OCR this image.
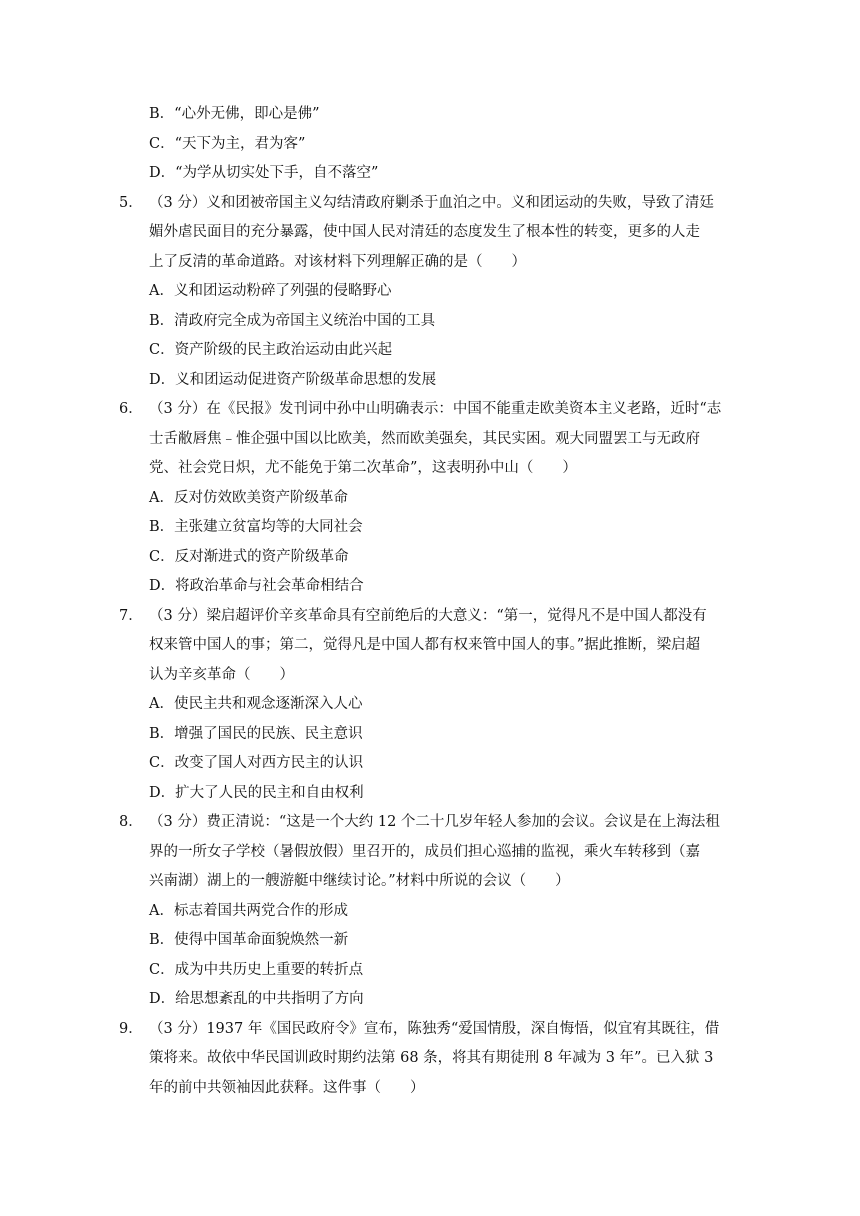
B．“心外无佛，即心是佛”
C．“天下为主，君为客”
D．“为学从切实处下手，自不落空”
5． （3 分）义和团被帝国主义勾结清政府剿杀于血泊之中。义和团运动的失败，导致了清廷
媚外虐民面目的充分暴露，使中国人民对清廷的态度发生了根本性的转变，更多的人走
上了反清的革命道路。对该材料下列理解正确的是（　　）
A．义和团运动粉碎了列强的侵略野心
B．清政府完全成为帝国主义统治中国的工具
C．资产阶级的民主政治运动由此兴起
D．义和团运动促进资产阶级革命思想的发展
6． （3 分）在《民报》发刊词中孙中山明确表示：中国不能重走欧美资本主义老路，近时“志
士舌敝唇焦﹣惟企强中国以比欧美，然而欧美强矣，其民实困。观大同盟罢工与无政府
党、社会党日炽，尤不能免于第二次革命”，这表明孙中山（　　）
A．反对仿效欧美资产阶级革命
B．主张建立贫富均等的大同社会
C．反对渐进式的资产阶级革命
D．将政治革命与社会革命相结合
7． （3 分）梁启超评价辛亥革命具有空前绝后的大意义：“第一，觉得凡不是中国人都没有
权来管中国人的事；第二，觉得凡是中国人都有权来管中国人的事。”据此推断，梁启超
认为辛亥革命（　　）
A．使民主共和观念逐渐深入人心
B．增强了国民的民族、民主意识
C．改变了国人对西方民主的认识
D．扩大了人民的民主和自由权利
8． （3 分）费正清说：“这是一个大约 12 个二十几岁年轻人参加的会议。会议是在上海法租
界的一所女子学校（暑假放假）里召开的，成员们担心巡捕的监视，乘火车转移到（嘉
兴南湖）湖上的一艘游艇中继续讨论。”材料中所说的会议（　　）
A．标志着国共两党合作的形成
B．使得中国革命面貌焕然一新
C．成为中共历史上重要的转折点
D．给思想紊乱的中共指明了方向
9． （3 分）1937 年《国民政府令》宣布，陈独秀“爱国情殷，深自悔悟，似宜宥其既往，借
策将来。故依中华民国训政时期约法第 68 条，将其有期徒刑 8 年减为 3 年”。已入狱 3
年的前中共领袖因此获释。这件事（　　）
